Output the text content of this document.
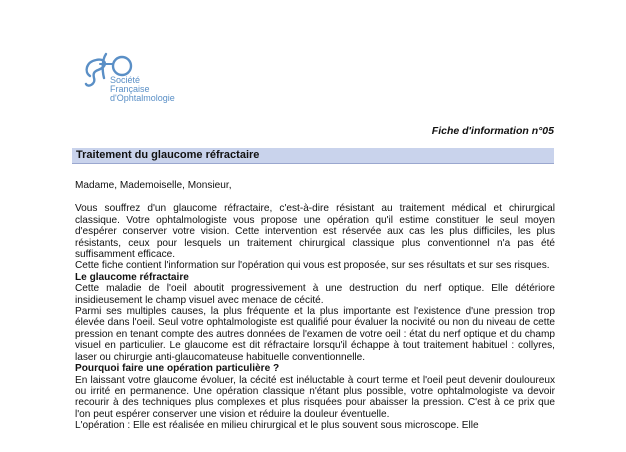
Société
Française
d'Ophtalmologie
Fiche d'information n°05
Traitement du glaucome réfractaire

Madame, Mademoiselle, Monsieur,

Vous souffrez d'un glaucome réfractaire, c'est-à-dire résistant au traitement médical et chirurgical classique. Votre ophtalmologiste vous propose une opération qu'il estime constituer le seul moyen d'espérer conserver votre vision. Cette intervention est réservée aux cas les plus difficiles, les plus résistants, ceux pour lesquels un traitement chirurgical classique plus conventionnel n'a pas été suffisamment efficace.

Cette fiche contient l'information sur l'opération qui vous est proposée, sur ses résultats et sur ses risques.

Le glaucome réfractaire

Cette maladie de l'oeil aboutit progressivement à une destruction du nerf optique. Elle détériore insidieusement le champ visuel avec menace de cécité.

Parmi ses multiples causes, la plus fréquente et la plus importante est l'existence d'une pression trop élevée dans l'oeil. Seul votre ophtalmologiste est qualifié pour évaluer la nocivité ou non du niveau de cette pression en tenant compte des autres données de l'examen de votre oeil : état du nerf optique et du champ visuel en particulier. Le glaucome est dit réfractaire lorsqu'il échappe à tout traitement habituel : collyres, laser ou chirurgie anti-glaucomateuse habituelle conventionnelle.

Pourquoi faire une opération particulière ?

En laissant votre glaucome évoluer, la cécité est inéluctable à court terme et l'oeil peut devenir douloureux ou irrité en permanence. Une opération classique n'étant plus possible, votre ophtalmologiste va devoir recourir à des techniques plus complexes et plus risquées pour abaisser la pression. C'est à ce prix que l'on peut espérer conserver une vision et réduire la douleur éventuelle.

L'opération : Elle est réalisée en milieu chirurgical et le plus souvent sous microscope. Elle
